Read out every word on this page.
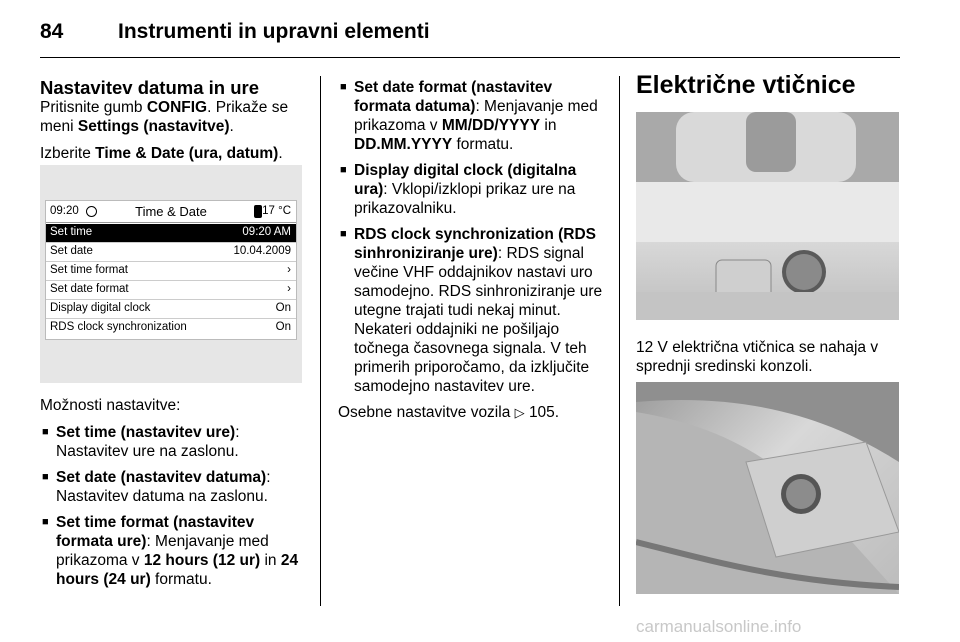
84	Instrumenti in upravni elementi
Nastavitev datuma in ure

Pritisnite gumb CONFIG. Prikaže se meni Settings (nastavitve).

Izberite Time & Date (ura, datum).

09:20	Time & Date	17 °C
Set time	09:20 AM
Set date	10.04.2009
Set time format	›
Set date format	›
Display digital clock	On
RDS clock synchronization	On

Možnosti nastavitve:

■ Set time (nastavitev ure): Nastavitev ure na zaslonu.
■ Set date (nastavitev datuma): Nastavitev datuma na zaslonu.
■ Set time format (nastavitev formata ure): Menjavanje med prikazoma v 12 hours (12 ur) in 24 hours (24 ur) formatu.
■ Set date format (nastavitev formata datuma): Menjavanje med prikazoma v MM/DD/YYYY in DD.MM.YYYY formatu.
■ Display digital clock (digitalna ura): Vklopi/izklopi prikaz ure na prikazovalniku.
■ RDS clock synchronization (RDS sinhroniziranje ure): RDS signal večine VHF oddajnikov nastavi uro samodejno. RDS sinhroniziranje ure utegne trajati tudi nekaj minut. Nekateri oddajniki ne pošiljajo točnega časovnega signala. V teh primerih priporočamo, da izključite samodejno nastavitev ure.

Osebne nastavitve vozila ▷ 105.

Električne vtičnice

12 V električna vtičnica se nahaja v sprednji sredinski konzoli.

carmanualsonline.info
